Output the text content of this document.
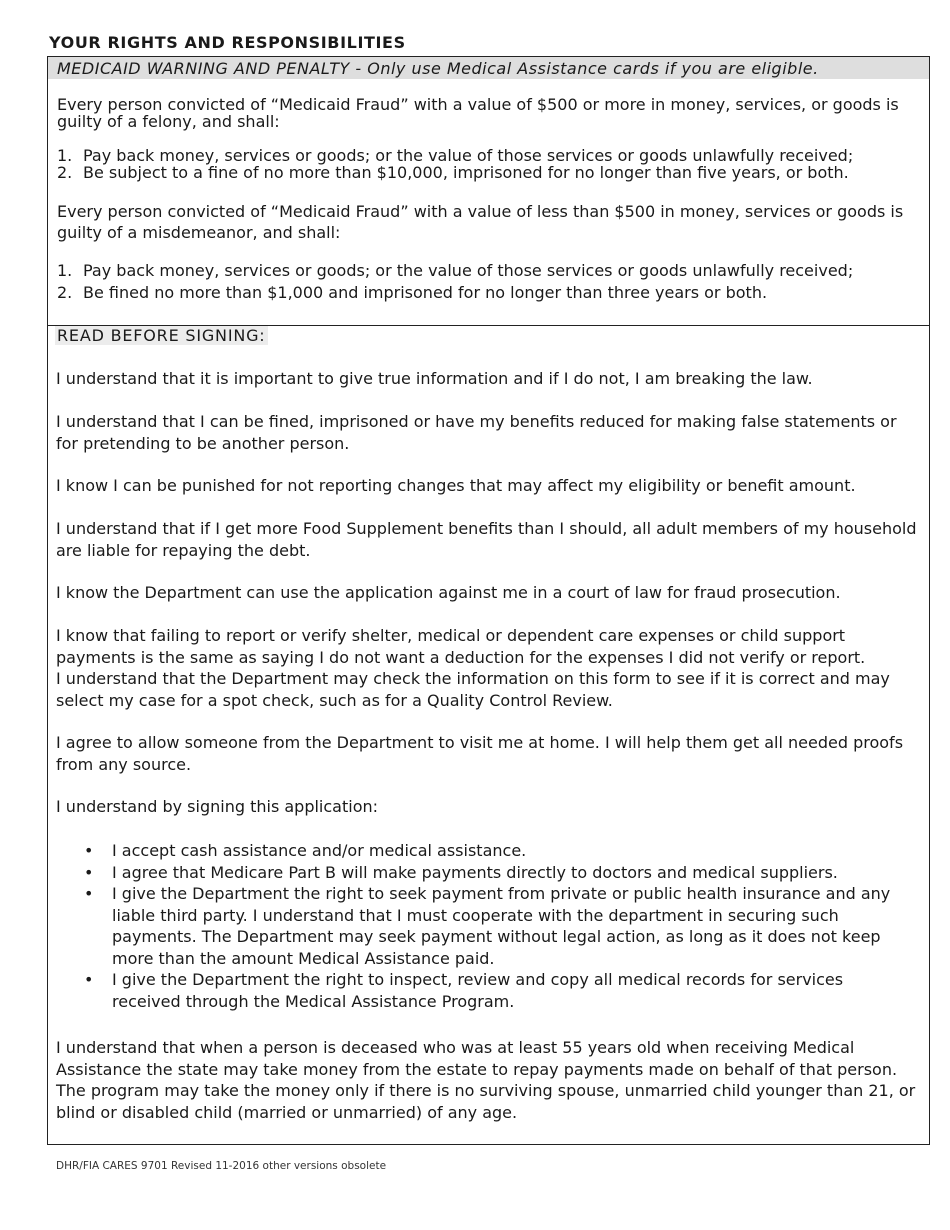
YOUR RIGHTS AND RESPONSIBILITIES

MEDICAID WARNING AND PENALTY - Only use Medical Assistance cards if you are eligible.

Every person convicted of “Medicaid Fraud” with a value of $500 or more in money, services, or goods is guilty of a felony, and shall:

1. Pay back money, services or goods; or the value of those services or goods unlawfully received;
2. Be subject to a fine of no more than $10,000, imprisoned for no longer than five years, or both.

Every person convicted of “Medicaid Fraud” with a value of less than $500 in money, services or goods is guilty of a misdemeanor, and shall:

1. Pay back money, services or goods; or the value of those services or goods unlawfully received;
2. Be fined no more than $1,000 and imprisoned for no longer than three years or both.

READ BEFORE SIGNING:

I understand that it is important to give true information and if I do not, I am breaking the law.

I understand that I can be fined, imprisoned or have my benefits reduced for making false statements or for pretending to be another person.

I know I can be punished for not reporting changes that may affect my eligibility or benefit amount.

I understand that if I get more Food Supplement benefits than I should, all adult members of my household are liable for repaying the debt.

I know the Department can use the application against me in a court of law for fraud prosecution.

I know that failing to report or verify shelter, medical or dependent care expenses or child support payments is the same as saying I do not want a deduction for the expenses I did not verify or report.

I understand that the Department may check the information on this form to see if it is correct and may select my case for a spot check, such as for a Quality Control Review.

I agree to allow someone from the Department to visit me at home. I will help them get all needed proofs from any source.

I understand by signing this application:

•	I accept cash assistance and/or medical assistance.
•	I agree that Medicare Part B will make payments directly to doctors and medical suppliers.
•	I give the Department the right to seek payment from private or public health insurance and any liable third party. I understand that I must cooperate with the department in securing such payments. The Department may seek payment without legal action, as long as it does not keep more than the amount Medical Assistance paid.
•	I give the Department the right to inspect, review and copy all medical records for services received through the Medical Assistance Program.

I understand that when a person is deceased who was at least 55 years old when receiving Medical Assistance the state may take money from the estate to repay payments made on behalf of that person. The program may take the money only if there is no surviving spouse, unmarried child younger than 21, or blind or disabled child (married or unmarried) of any age.

DHR/FIA CARES 9701 Revised 11-2016 other versions obsolete
